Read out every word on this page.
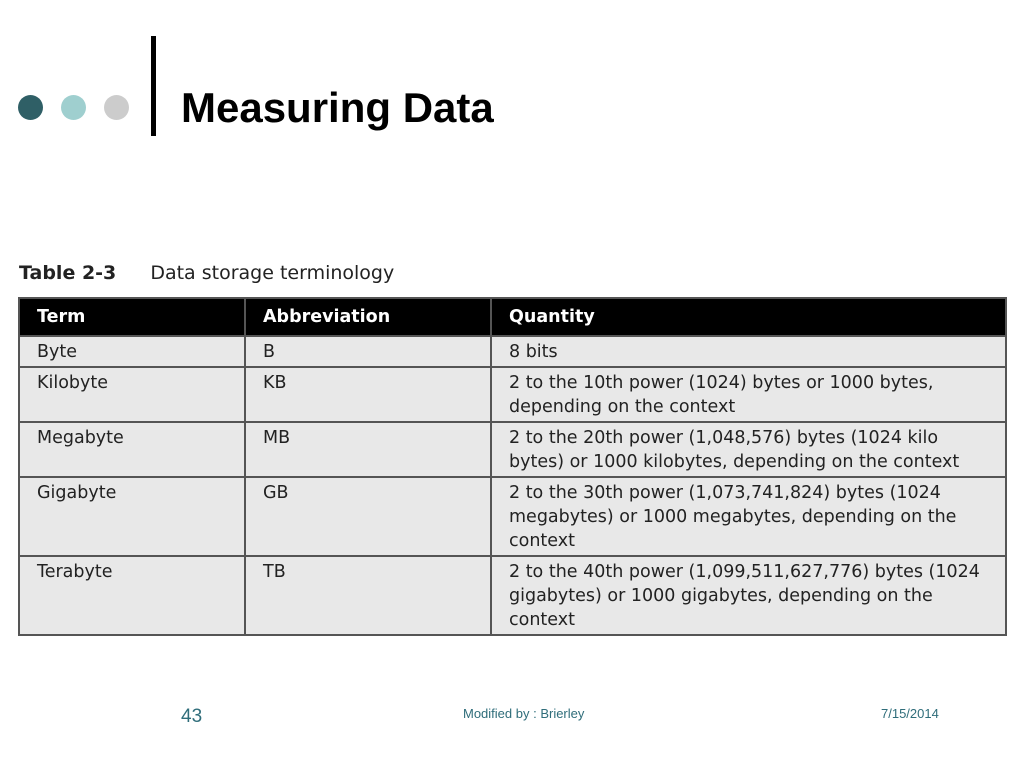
Measuring Data
Table 2-3 Data storage terminology
Term	Abbreviation	Quantity
Byte	B	8 bits
Kilobyte	KB	2 to the 10th power (1024) bytes or 1000 bytes, depending on the context
Megabyte	MB	2 to the 20th power (1,048,576) bytes (1024 kilo bytes) or 1000 kilobytes, depending on the context
Gigabyte	GB	2 to the 30th power (1,073,741,824) bytes (1024 megabytes) or 1000 megabytes, depending on the context
Terabyte	TB	2 to the 40th power (1,099,511,627,776) bytes (1024 gigabytes) or 1000 gigabytes, depending on the context
43	Modified by : Brierley	7/15/2014
